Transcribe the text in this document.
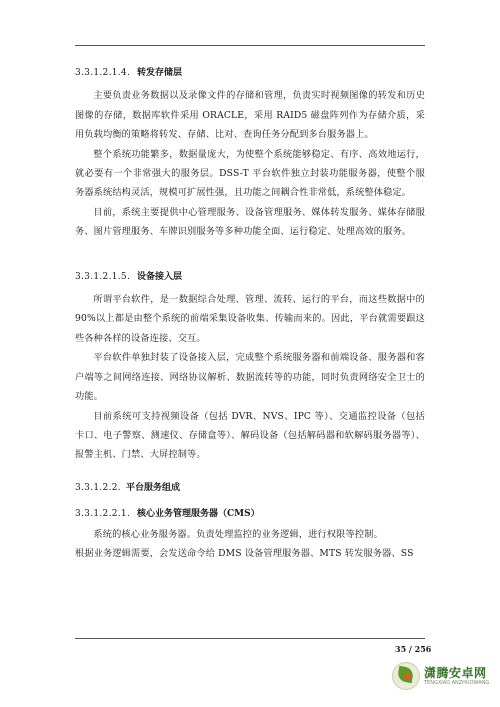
3.3.1.2.1.4. 转发存储层

主要负责业务数据以及录像文件的存储和管理，负责实时视频图像的转发和历史图像的存储，数据库软件采用 ORACLE，采用 RAID5 磁盘阵列作为存储介质，采用负载均衡的策略将转发、存储、比对、查询任务分配到多台服务器上。

整个系统功能繁多，数据量庞大，为使整个系统能够稳定、有序、高效地运行，就必要有一个非常强大的服务层。DSS-T 平台软件独立封装功能服务器，使整个服务器系统结构灵活，规模可扩展性强，且功能之间耦合性非常低，系统整体稳定。

目前，系统主要提供中心管理服务、设备管理服务、媒体转发服务、媒体存储服务、图片管理服务、车牌识别服务等多种功能全面、运行稳定、处理高效的服务。

3.3.1.2.1.5. 设备接入层

所谓平台软件，是一数据综合处理、管理、流转、运行的平台，而这些数据中的 90%以上都是由整个系统的前端采集设备收集、传输而来的。因此，平台就需要跟这些各种各样的设备连接、交互。

平台软件单独封装了设备接入层，完成整个系统服务器和前端设备、服务器和客户端等之间网络连接、网络协议解析、数据流转等的功能，同时负责网络安全卫士的功能。

目前系统可支持视频设备（包括 DVR、NVS、IPC 等）、交通监控设备（包括卡口、电子警察、测速仪、存储盒等）、解码设备（包括解码器和软解码服务器等）、报警主机、门禁、大屏控制等。

3.3.1.2.2. 平台服务组成

3.3.1.2.2.1. 核心业务管理服务器（CMS）

系统的核心业务服务器。负责处理监控的业务逻辑，进行权限等控制。

根据业务逻辑需要，会发送命令给 DMS 设备管理服务器、MTS 转发服务器、SS

35 / 256
潇腾安卓网
TENGXIAO ANZHUOWANG
